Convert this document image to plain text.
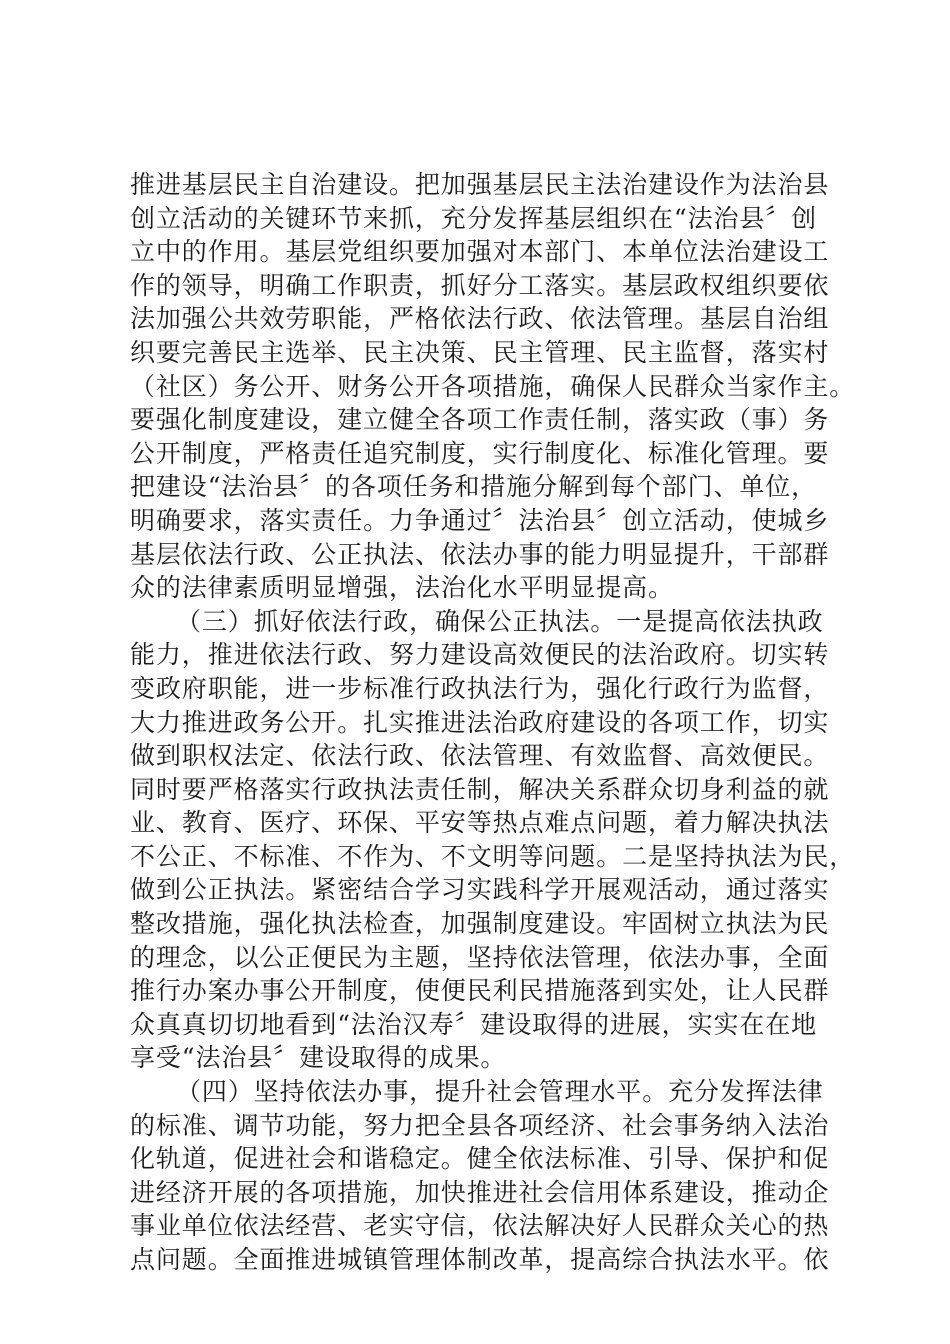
推进基层民主自治建设。把加强基层民主法治建设作为法治县
创立活动的关键环节来抓，充分发挥基层组织在“法治县〞创
立中的作用。基层党组织要加强对本部门、本单位法治建设工
作的领导，明确工作职责，抓好分工落实。基层政权组织要依
法加强公共效劳职能，严格依法行政、依法管理。基层自治组
织要完善民主选举、民主决策、民主管理、民主监督，落实村
（社区）务公开、财务公开各项措施，确保人民群众当家作主。
要强化制度建设，建立健全各项工作责任制，落实政（事）务
公开制度，严格责任追究制度，实行制度化、标准化管理。要
把建设“法治县〞的各项任务和措施分解到每个部门、单位，
明确要求，落实责任。力争通过〞法治县〞创立活动，使城乡
基层依法行政、公正执法、依法办事的能力明显提升，干部群
众的法律素质明显增强，法治化水平明显提高。
（三）抓好依法行政，确保公正执法。一是提高依法执政
能力，推进依法行政、努力建设高效便民的法治政府。切实转
变政府职能，进一步标准行政执法行为，强化行政行为监督，
大力推进政务公开。扎实推进法治政府建设的各项工作，切实
做到职权法定、依法行政、依法管理、有效监督、高效便民。
同时要严格落实行政执法责任制，解决关系群众切身利益的就
业、教育、医疗、环保、平安等热点难点问题，着力解决执法
不公正、不标准、不作为、不文明等问题。二是坚持执法为民，
做到公正执法。紧密结合学习实践科学开展观活动，通过落实
整改措施，强化执法检查，加强制度建设。牢固树立执法为民
的理念，以公正便民为主题，坚持依法管理，依法办事，全面
推行办案办事公开制度，使便民利民措施落到实处，让人民群
众真真切切地看到“法治汉寿〞建设取得的进展，实实在在地
享受“法治县〞建设取得的成果。
（四）坚持依法办事，提升社会管理水平。充分发挥法律
的标准、调节功能，努力把全县各项经济、社会事务纳入法治
化轨道，促进社会和谐稳定。健全依法标准、引导、保护和促
进经济开展的各项措施，加快推进社会信用体系建设，推动企
事业单位依法经营、老实守信，依法解决好人民群众关心的热
点问题。全面推进城镇管理体制改革，提高综合执法水平。依
